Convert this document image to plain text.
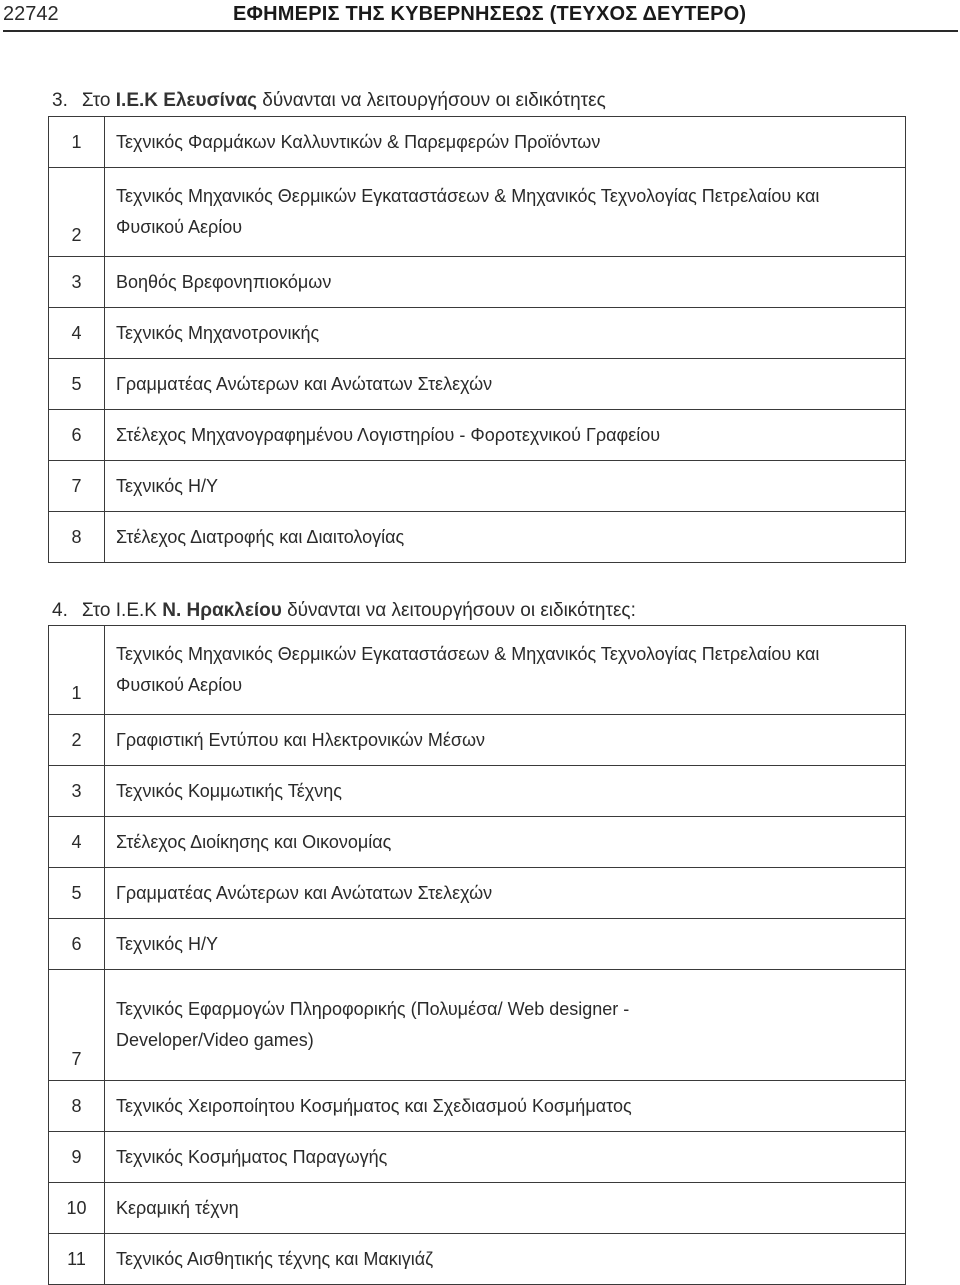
22742	ΕΦΗΜΕΡΙΣ ΤΗΣ ΚΥΒΕΡΝΗΣΕΩΣ (ΤΕΥΧΟΣ ΔΕΥΤΕΡΟ)
3. Στο Ι.Ε.Κ Ελευσίνας δύνανται να λειτουργήσουν οι ειδικότητες
1	Τεχνικός Φαρμάκων Καλλυντικών & Παρεμφερών Προϊόντων

2	Τεχνικός Μηχανικός Θερμικών Εγκαταστάσεων & Μηχανικός Τεχνολογίας Πετρελαίου και
Φυσικού Αερίου

3	Βοηθός Βρεφονηπιοκόμων

4	Τεχνικός Μηχανοτρονικής

5	Γραμματέας Ανώτερων και Ανώτατων Στελεχών

6	Στέλεχος Μηχανογραφημένου Λογιστηρίου - Φοροτεχνικού Γραφείου

7	Τεχνικός Η/Υ

8	Στέλεχος Διατροφής και Διαιτολογίας
4. Στο Ι.Ε.Κ Ν. Ηρακλείου δύνανται να λειτουργήσουν οι ειδικότητες:
1	Τεχνικός Μηχανικός Θερμικών Εγκαταστάσεων & Μηχανικός Τεχνολογίας Πετρελαίου και
Φυσικού Αερίου

2	Γραφιστική Εντύπου και Ηλεκτρονικών Μέσων

3	Τεχνικός Κομμωτικής Τέχνης

4	Στέλεχος Διοίκησης και Οικονομίας

5	Γραμματέας Ανώτερων και Ανώτατων Στελεχών

6	Τεχνικός Η/Υ

7	Τεχνικός Εφαρμογών Πληροφορικής (Πολυμέσα/ Web designer -
Developer/Video games)

8	Τεχνικός Χειροποίητου Κοσμήματος και Σχεδιασμού Κοσμήματος

9	Τεχνικός Κοσμήματος Παραγωγής

10	Κεραμική τέχνη

11	Τεχνικός Αισθητικής τέχνης και Μακιγιάζ
